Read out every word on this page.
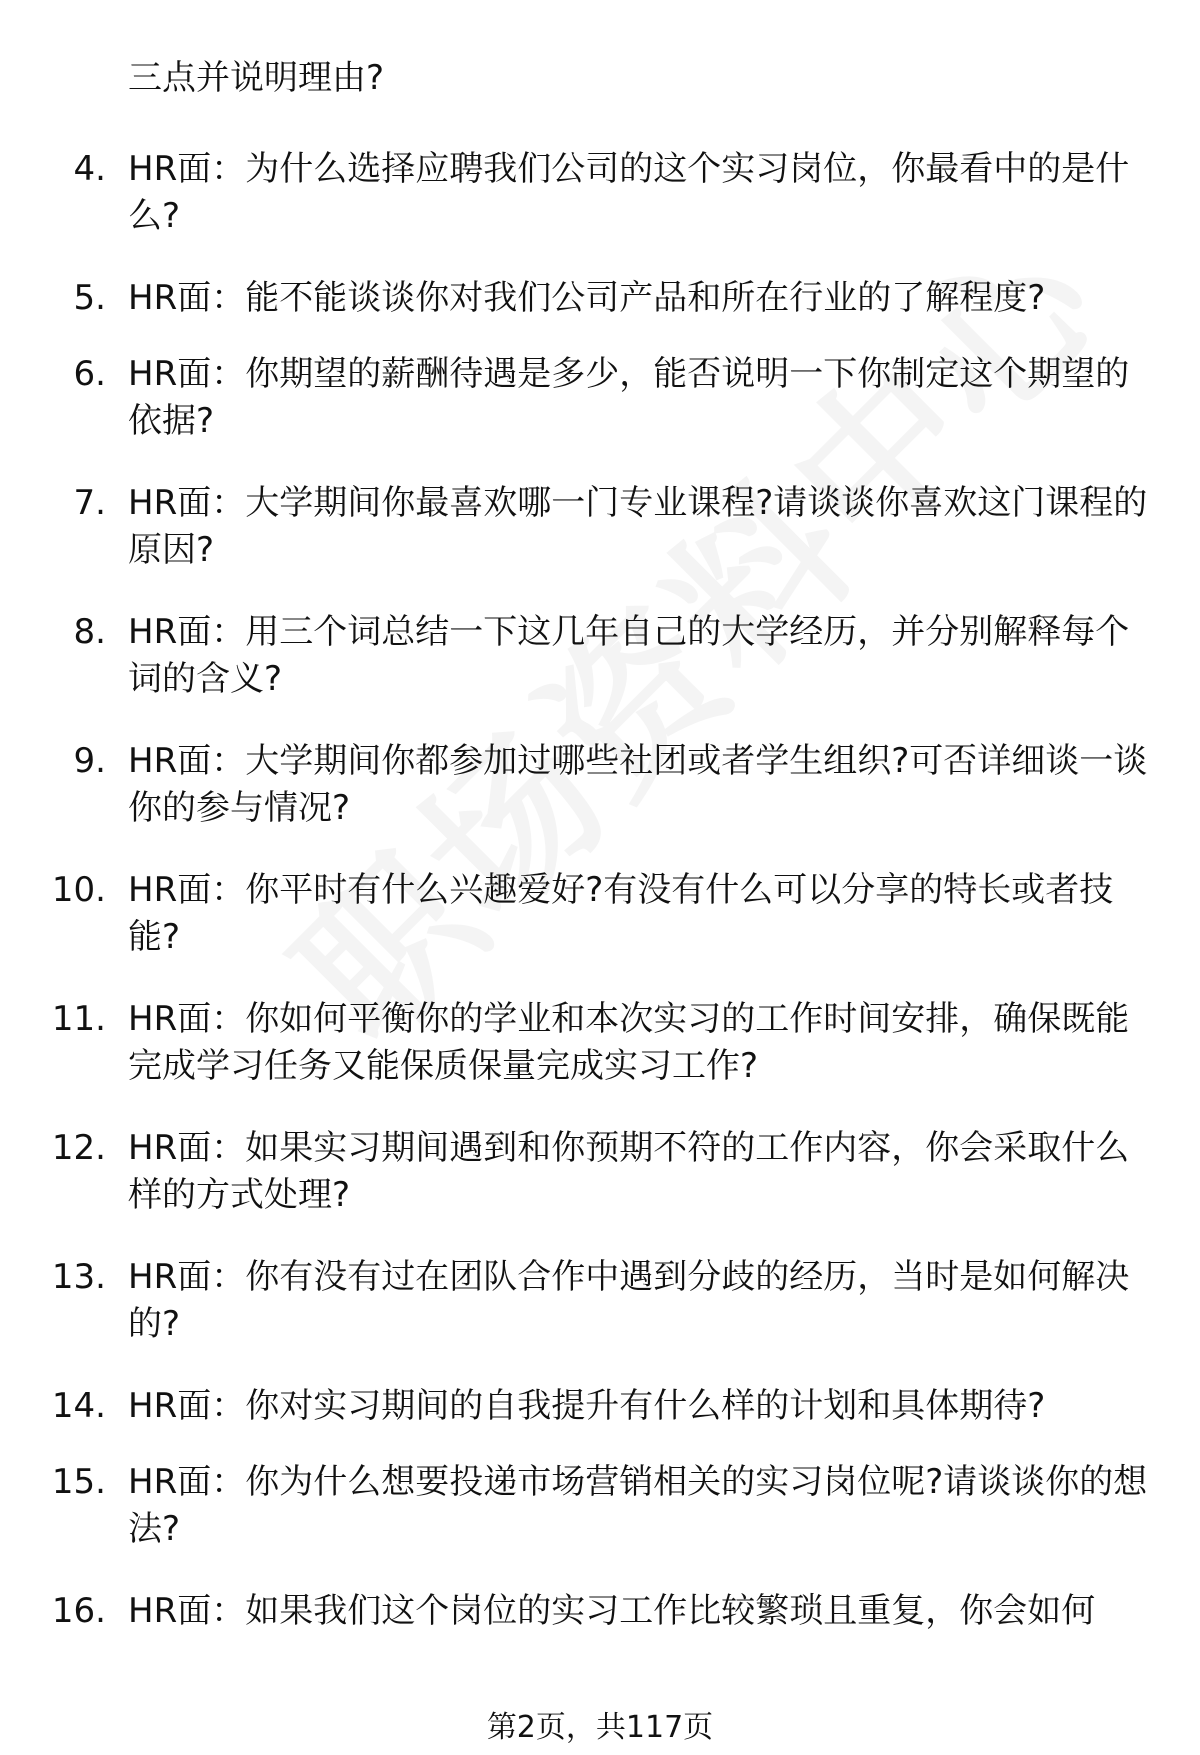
三点并说明理由?
4. HR面：为什么选择应聘我们公司的这个实习岗位，你最看中的是什么?
5. HR面：能不能谈谈你对我们公司产品和所在行业的了解程度?
6. HR面：你期望的薪酬待遇是多少，能否说明一下你制定这个期望的依据?
7. HR面：大学期间你最喜欢哪一门专业课程?请谈谈你喜欢这门课程的原因?
8. HR面：用三个词总结一下这几年自己的大学经历，并分别解释每个词的含义?
9. HR面：大学期间你都参加过哪些社团或者学生组织?可否详细谈一谈你的参与情况?
10. HR面：你平时有什么兴趣爱好?有没有什么可以分享的特长或者技能?
11. HR面：你如何平衡你的学业和本次实习的工作时间安排，确保既能完成学习任务又能保质保量完成实习工作?
12. HR面：如果实习期间遇到和你预期不符的工作内容，你会采取什么样的方式处理?
13. HR面：你有没有过在团队合作中遇到分歧的经历，当时是如何解决的?
14. HR面：你对实习期间的自我提升有什么样的计划和具体期待?
15. HR面：你为什么想要投递市场营销相关的实习岗位呢?请谈谈你的想法?
16. HR面：如果我们这个岗位的实习工作比较繁琐且重复，你会如何
第2页，共117页
